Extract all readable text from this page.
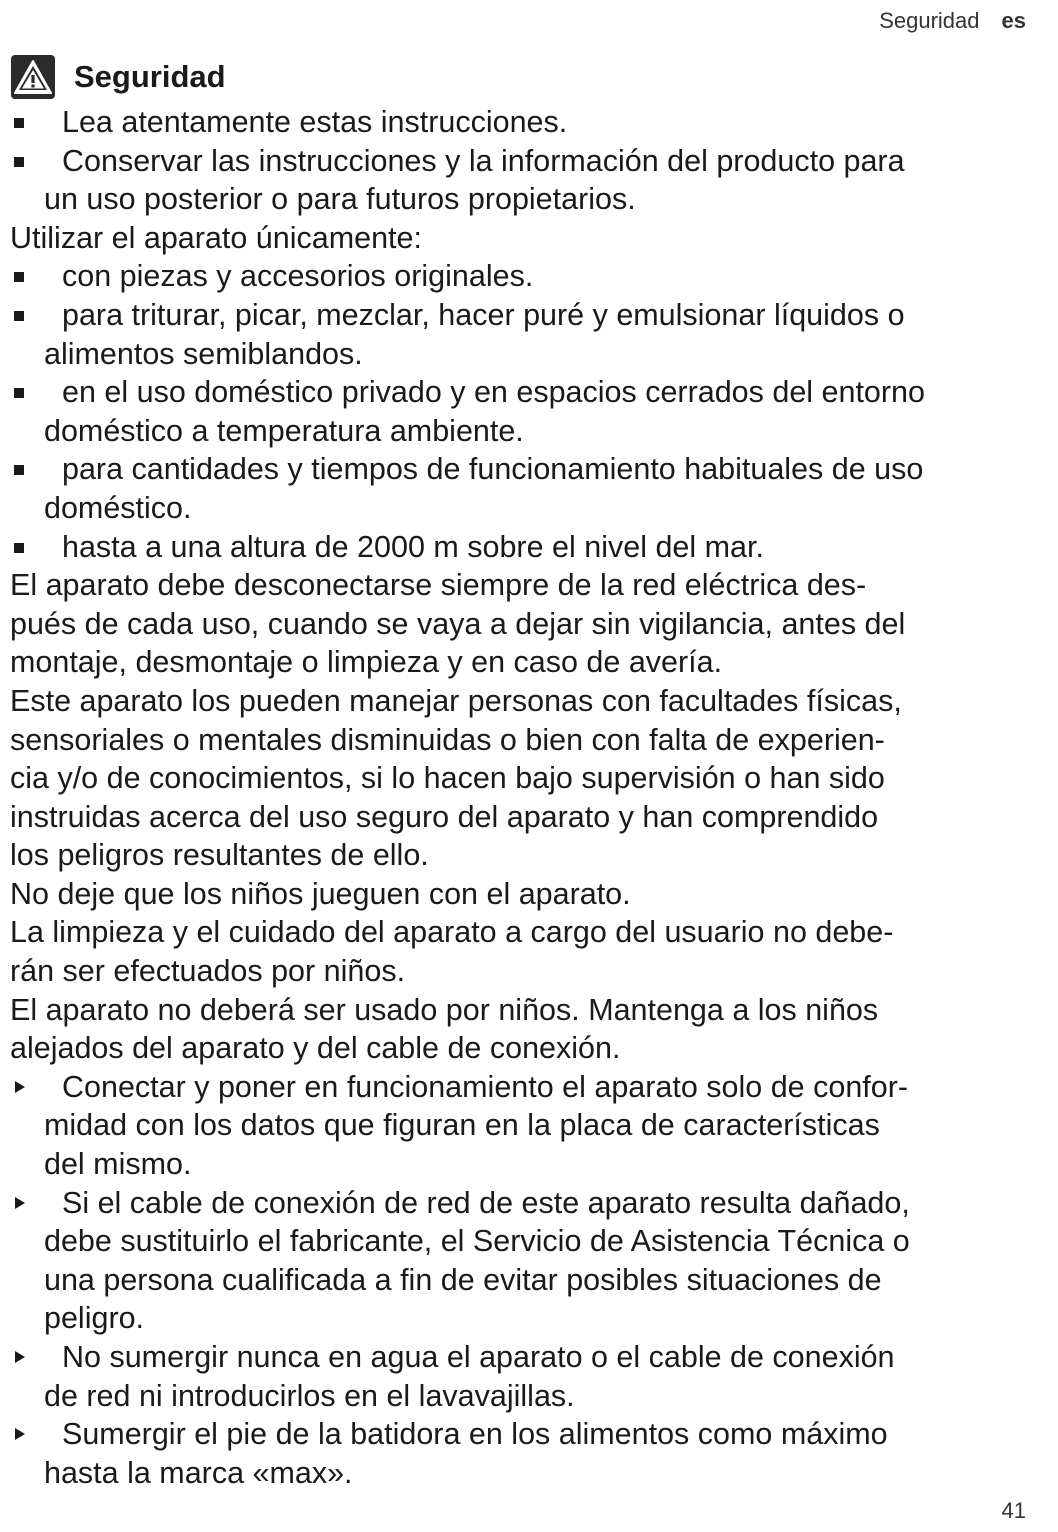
Seguridad es
Seguridad
Lea atentamente estas instrucciones.
Conservar las instrucciones y la información del producto para
un uso posterior o para futuros propietarios.

Utilizar el aparato únicamente:

con piezas y accesorios originales.
para triturar, picar, mezclar, hacer puré y emulsionar líquidos o
alimentos semiblandos.
en el uso doméstico privado y en espacios cerrados del entorno
doméstico a temperatura ambiente.
para cantidades y tiempos de funcionamiento habituales de uso
doméstico.
hasta a una altura de 2000 m sobre el nivel del mar.

El aparato debe desconectarse siempre de la red eléctrica des-
pués de cada uso, cuando se vaya a dejar sin vigilancia, antes del
montaje, desmontaje o limpieza y en caso de avería.

Este aparato los pueden manejar personas con facultades físicas,
sensoriales o mentales disminuidas o bien con falta de experien-
cia y/o de conocimientos, si lo hacen bajo supervisión o han sido
instruidas acerca del uso seguro del aparato y han comprendido
los peligros resultantes de ello.

No deje que los niños jueguen con el aparato.

La limpieza y el cuidado del aparato a cargo del usuario no debe-
rán ser efectuados por niños.

El aparato no deberá ser usado por niños. Mantenga a los niños
alejados del aparato y del cable de conexión.

Conectar y poner en funcionamiento el aparato solo de confor-
midad con los datos que figuran en la placa de características
del mismo.
Si el cable de conexión de red de este aparato resulta dañado,
debe sustituirlo el fabricante, el Servicio de Asistencia Técnica o
una persona cualificada a fin de evitar posibles situaciones de
peligro.
No sumergir nunca en agua el aparato o el cable de conexión
de red ni introducirlos en el lavavajillas.
Sumergir el pie de la batidora en los alimentos como máximo
hasta la marca «max».
41
